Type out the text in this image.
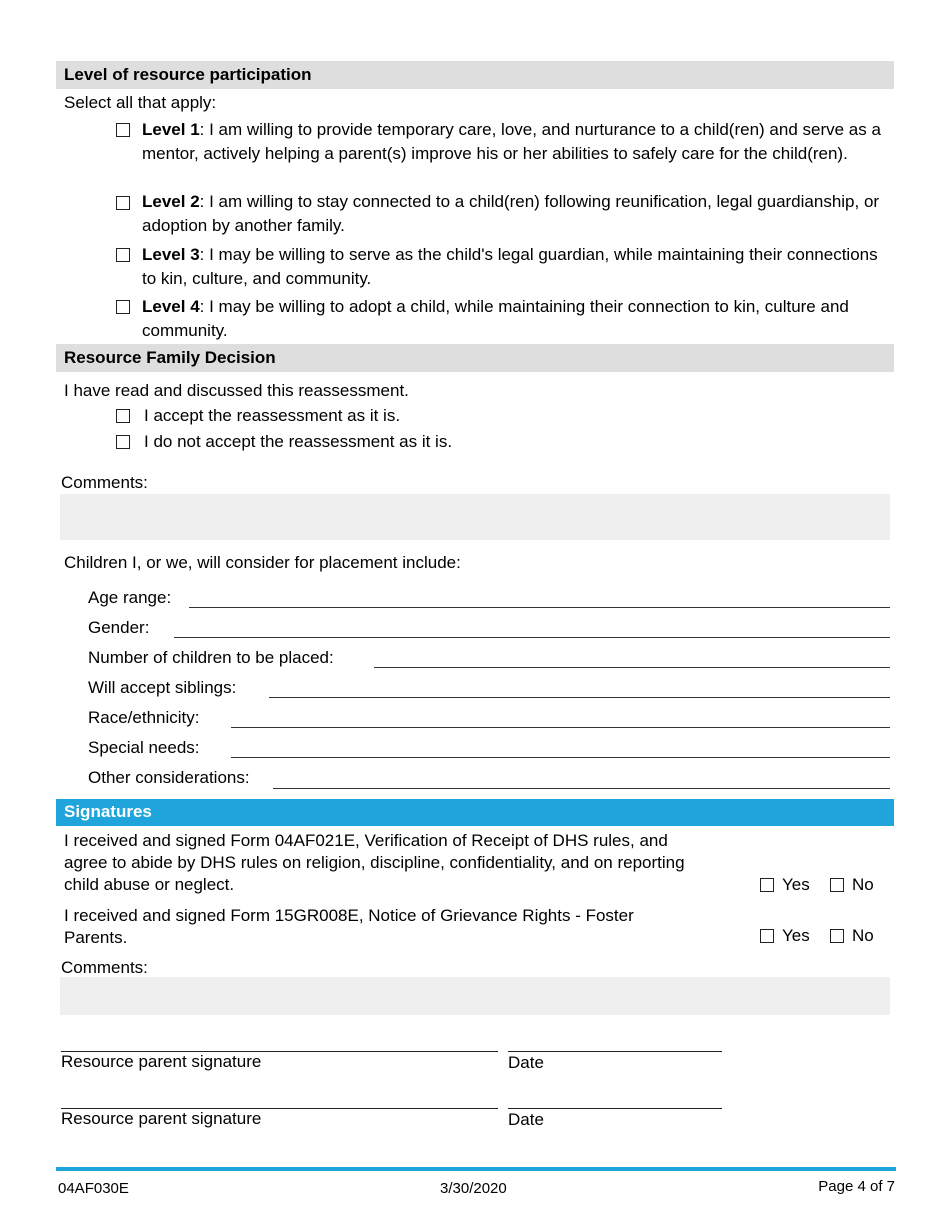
Level of resource participation
Select all that apply:
Level 1: I am willing to provide temporary care, love, and nurturance to a child(ren) and serve as a mentor, actively helping a parent(s) improve his or her abilities to safely care for the child(ren).
Level 2: I am willing to stay connected to a child(ren) following reunification, legal guardianship, or adoption by another family.
Level 3: I may be willing to serve as the child's legal guardian, while maintaining their connections to kin, culture, and community.
Level 4: I may be willing to adopt a child, while maintaining their connection to kin, culture and community.
Resource Family Decision
I have read and discussed this reassessment.
I accept the reassessment as it is.
I do not accept the reassessment as it is.
Comments:
Children I, or we, will consider for placement include:
Age range:
Gender:
Number of children to be placed:
Will accept siblings:
Race/ethnicity:
Special needs:
Other considerations:
Signatures
I received and signed Form 04AF021E, Verification of Receipt of DHS rules, and
agree to abide by DHS rules on religion, discipline, confidentiality, and on reporting
child abuse or neglect.	Yes No
I received and signed Form 15GR008E, Notice of Grievance Rights - Foster
Parents.	Yes No
Comments:
Resource parent signature	Date
Resource parent signature	Date
04AF030E	3/30/2020	Page 4 of 7
